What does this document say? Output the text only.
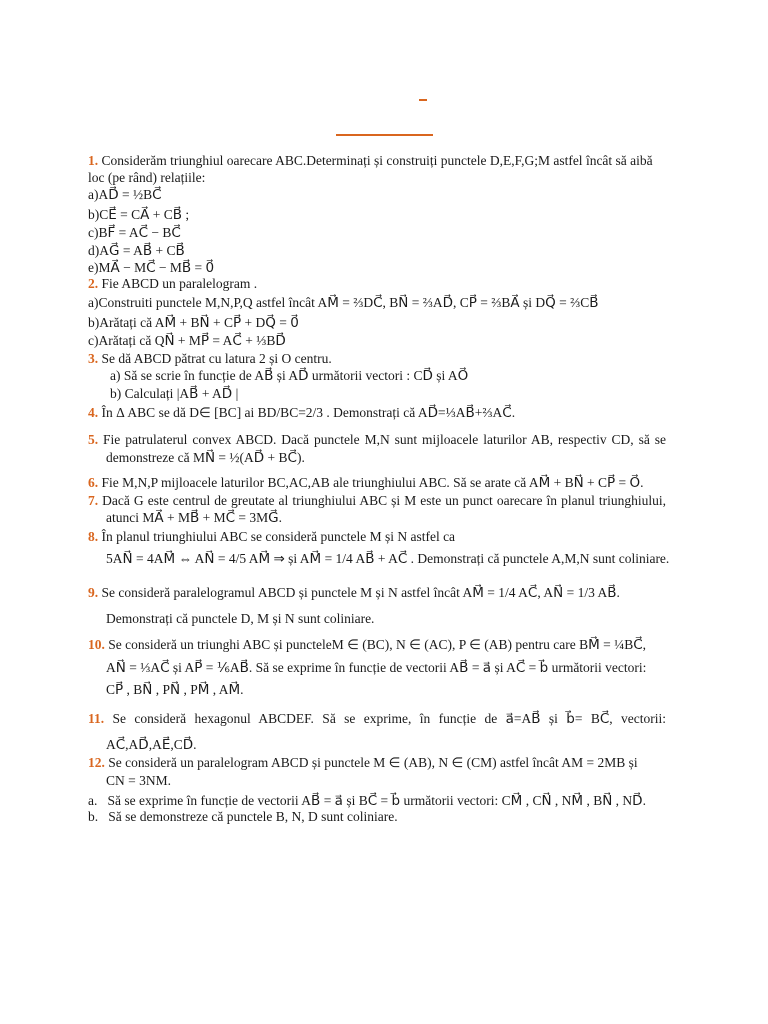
1. Considerăm triunghiul oarecare ABC.Determinați și construiți punctele D,E,F,G;M astfel încât să aibă
loc (pe rând) relațiile:
a)AD⃗ = ½BC⃗
b)CE⃗ = CA⃗ + CB⃗ ;
c)BF⃗ = AC⃗ − BC⃗
d)AG⃗ = AB⃗ + CB⃗
e)MA⃗ − MC⃗ − MB⃗ = 0⃗
2. Fie ABCD un paralelogram .
a)Construiti punctele M,N,P,Q astfel încât AM⃗ = ⅔DC⃗, BN⃗ = ⅔AD⃗, CP⃗ = ⅔BA⃗ și DQ⃗ = ⅔CB⃗
b)Arătați că AM⃗ + BN⃗ + CP⃗ + DQ⃗ = 0⃗
c)Arătați că QN⃗ + MP⃗ = AC⃗ + ⅓BD⃗
3. Se dă ABCD pătrat cu latura 2 și O centru.
a) Să se scrie în funcție de AB⃗ și AD⃗ următorii vectori : CD⃗ și AO⃗
b) Calculați |AB⃗ + AD⃗ |
4. În Δ ABC se dă D∈ [BC] ai BD/BC=2/3 . Demonstrați că AD⃗=⅓AB⃗+⅔AC⃗.
5. Fie patrulaterul convex ABCD. Dacă punctele M,N sunt mijloacele laturilor AB, respectiv CD, să se
demonstreze că MN⃗ = ½(AD⃗ + BC⃗).
6. Fie M,N,P mijloacele laturilor BC,AC,AB ale triunghiului ABC. Să se arate că AM⃗ + BN⃗ + CP⃗ = O⃗.
7. Dacă G este centrul de greutate al triunghiului ABC și M este un punct oarecare în planul triunghiului,
atunci MA⃗ + MB⃗ + MC⃗ = 3MG⃗.
8. În planul triunghiului ABC se consideră punctele M și N astfel ca
5AN⃗ = 4AM⃗ ⇔ AN⃗ = 4/5 AM⃗ ⇒ și AM⃗ = 1/4 AB⃗ + AC⃗ . Demonstrați că punctele A,M,N sunt coliniare.
9. Se consideră paralelogramul ABCD și punctele M și N astfel încât AM⃗ = 1/4 AC⃗, AN⃗ = 1/3 AB⃗.
Demonstrați că punctele D, M și N sunt coliniare.
10. Se consideră un triunghi ABC și puncteleM ∈ (BC), N ∈ (AC), P ∈ (AB) pentru care BM⃗ = ¼BC⃗,
AN⃗ = ⅓AC⃗ și AP⃗ = ⅙AB⃗. Să se exprime în funcție de vectorii AB⃗ = a⃗ și AC⃗ = b⃗ următorii vectori:
CP⃗ , BN⃗ , PN⃗ , PM⃗ , AM⃗.
11. Se consideră hexagonul ABCDEF. Să se exprime, în funcție de a⃗=AB⃗ și b⃗= BC⃗, vectorii:
AC⃗,AD⃗,AE⃗,CD⃗.
12. Se consideră un paralelogram ABCD și punctele M ∈ (AB), N ∈ (CM) astfel încât AM = 2MB și
CN = 3NM.
a. Să se exprime în funcție de vectorii AB⃗ = a⃗ și BC⃗ = b⃗ următorii vectori: CM⃗ , CN⃗ , NM⃗ , BN⃗ , ND⃗.
b. Să se demonstreze că punctele B, N, D sunt coliniare.
